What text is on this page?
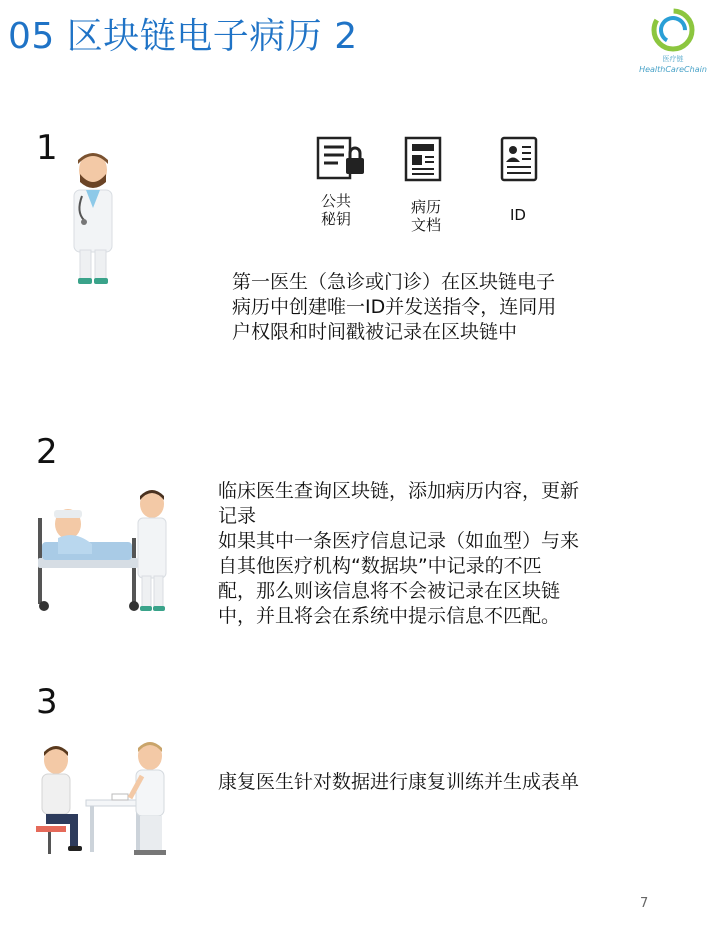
05 区块链电子病历 2
医疗链
HealthCareChain
1
公共
秘钥
病历
文档
ID
第一医生（急诊或门诊）在区块链电子
病历中创建唯一ID并发送指令，连同用
户权限和时间戳被记录在区块链中
2
临床医生查询区块链，添加病历内容，更新
记录
如果其中一条医疗信息记录（如血型）与来
自其他医疗机构“数据块”中记录的不匹
配，那么则该信息将不会被记录在区块链
中，并且将会在系统中提示信息不匹配。
3
康复医生针对数据进行康复训练并生成表单
7
